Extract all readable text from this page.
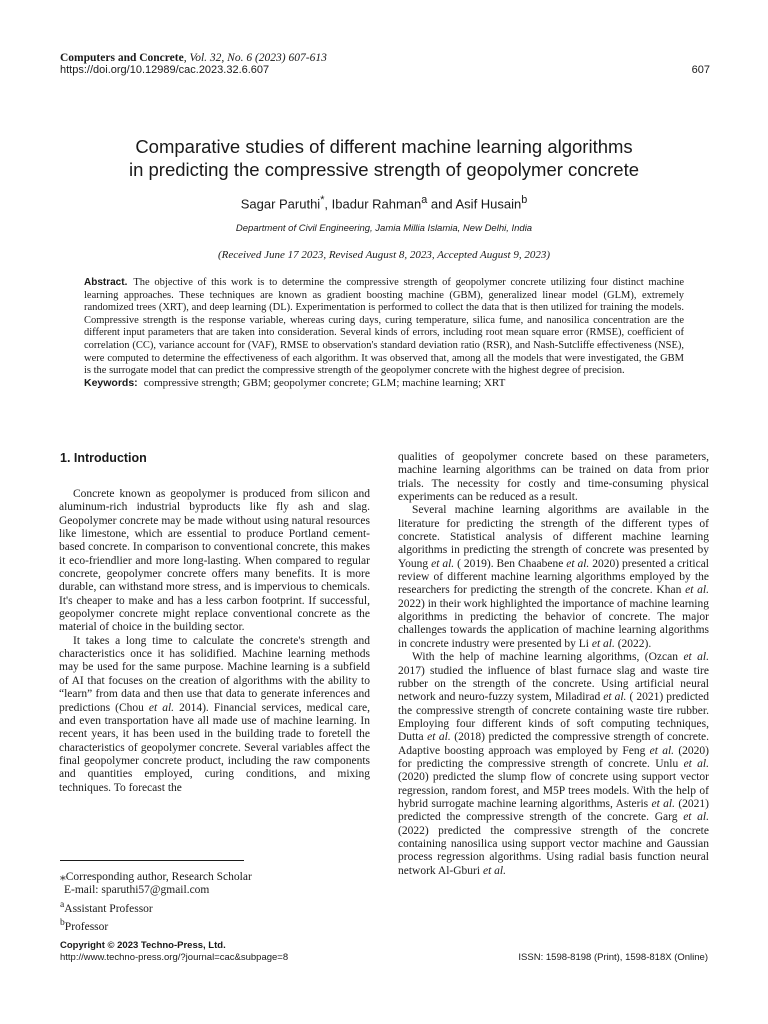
Computers and Concrete, Vol. 32, No. 6 (2023) 607-613
https://doi.org/10.12989/cac.2023.32.6.607	607
Comparative studies of different machine learning algorithms
in predicting the compressive strength of geopolymer concrete
Sagar Paruthi*, Ibadur Rahman$^a$ and Asif Husain$^b$
Department of Civil Engineering, Jamia Millia Islamia, New Delhi, India
(Received June 17 2023, Revised August 8, 2023, Accepted August 9, 2023)
Abstract. The objective of this work is to determine the compressive strength of geopolymer concrete utilizing four distinct machine learning approaches. These techniques are known as gradient boosting machine (GBM), generalized linear model (GLM), extremely randomized trees (XRT), and deep learning (DL). Experimentation is performed to collect the data that is then utilized for training the models. Compressive strength is the response variable, whereas curing days, curing temperature, silica fume, and nanosilica concentration are the different input parameters that are taken into consideration. Several kinds of errors, including root mean square error (RMSE), coefficient of correlation (CC), variance account for (VAF), RMSE to observation's standard deviation ratio (RSR), and Nash-Sutcliffe effectiveness (NSE), were computed to determine the effectiveness of each algorithm. It was observed that, among all the models that were investigated, the GBM is the surrogate model that can predict the compressive strength of the geopolymer concrete with the highest degree of precision.
Keywords: compressive strength; GBM; geopolymer concrete; GLM; machine learning; XRT
1. Introduction

Concrete known as geopolymer is produced from silicon and aluminum-rich industrial byproducts like fly ash and slag. Geopolymer concrete may be made without using natural resources like limestone, which are essential to produce Portland cement-based concrete. In comparison to conventional concrete, this makes it eco-friendlier and more long-lasting. When compared to regular concrete, geopolymer concrete offers many benefits. It is more durable, can withstand more stress, and is impervious to chemicals. It's cheaper to make and has a less carbon footprint. If successful, geopolymer concrete might replace conventional concrete as the material of choice in the building sector.

It takes a long time to calculate the concrete's strength and characteristics once it has solidified. Machine learning methods may be used for the same purpose. Machine learning is a subfield of AI that focuses on the creation of algorithms with the ability to “learn” from data and then use that data to generate inferences and predictions (Chou et al. 2014). Financial services, medical care, and even transportation have all made use of machine learning. In recent years, it has been used in the building trade to foretell the characteristics of geopolymer concrete. Several variables affect the final geopolymer concrete product, including the raw components and quantities employed, curing conditions, and mixing techniques. To forecast the

qualities of geopolymer concrete based on these parameters, machine learning algorithms can be trained on data from prior trials. The necessity for costly and time-consuming physical experiments can be reduced as a result.

Several machine learning algorithms are available in the literature for predicting the strength of the different types of concrete. Statistical analysis of different machine learning algorithms in predicting the strength of concrete was presented by Young et al. ( 2019). Ben Chaabene et al. 2020) presented a critical review of different machine learning algorithms employed by the researchers for predicting the strength of the concrete. Khan et al. 2022) in their work highlighted the importance of machine learning algorithms in predicting the behavior of concrete. The major challenges towards the application of machine learning algorithms in concrete industry were presented by Li et al. (2022).

With the help of machine learning algorithms, (Ozcan et al. 2017) studied the influence of blast furnace slag and waste tire rubber on the strength of the concrete. Using artificial neural network and neuro-fuzzy system, Miladirad et al. ( 2021) predicted the compressive strength of concrete containing waste tire rubber. Employing four different kinds of soft computing techniques, Dutta et al. (2018) predicted the compressive strength of concrete. Adaptive boosting approach was employed by Feng et al. (2020) for predicting the compressive strength of concrete. Unlu et al. (2020) predicted the slump flow of concrete using support vector regression, random forest, and M5P trees models. With the help of hybrid surrogate machine learning algorithms, Asteris et al. (2021) predicted the compressive strength of the concrete. Garg et al. (2022) predicted the compressive strength of the concrete containing nanosilica using support vector machine and Gaussian process regression algorithms. Using radial basis function neural network Al-Gburi et al.

⁎Corresponding author, Research Scholar
E-mail: sparuthi57@gmail.com
$^a$Assistant Professor
$^b$Professor
Copyright © 2023 Techno-Press, Ltd.
http://www.techno-press.org/?journal=cac&subpage=8	ISSN: 1598-8198 (Print), 1598-818X (Online)
